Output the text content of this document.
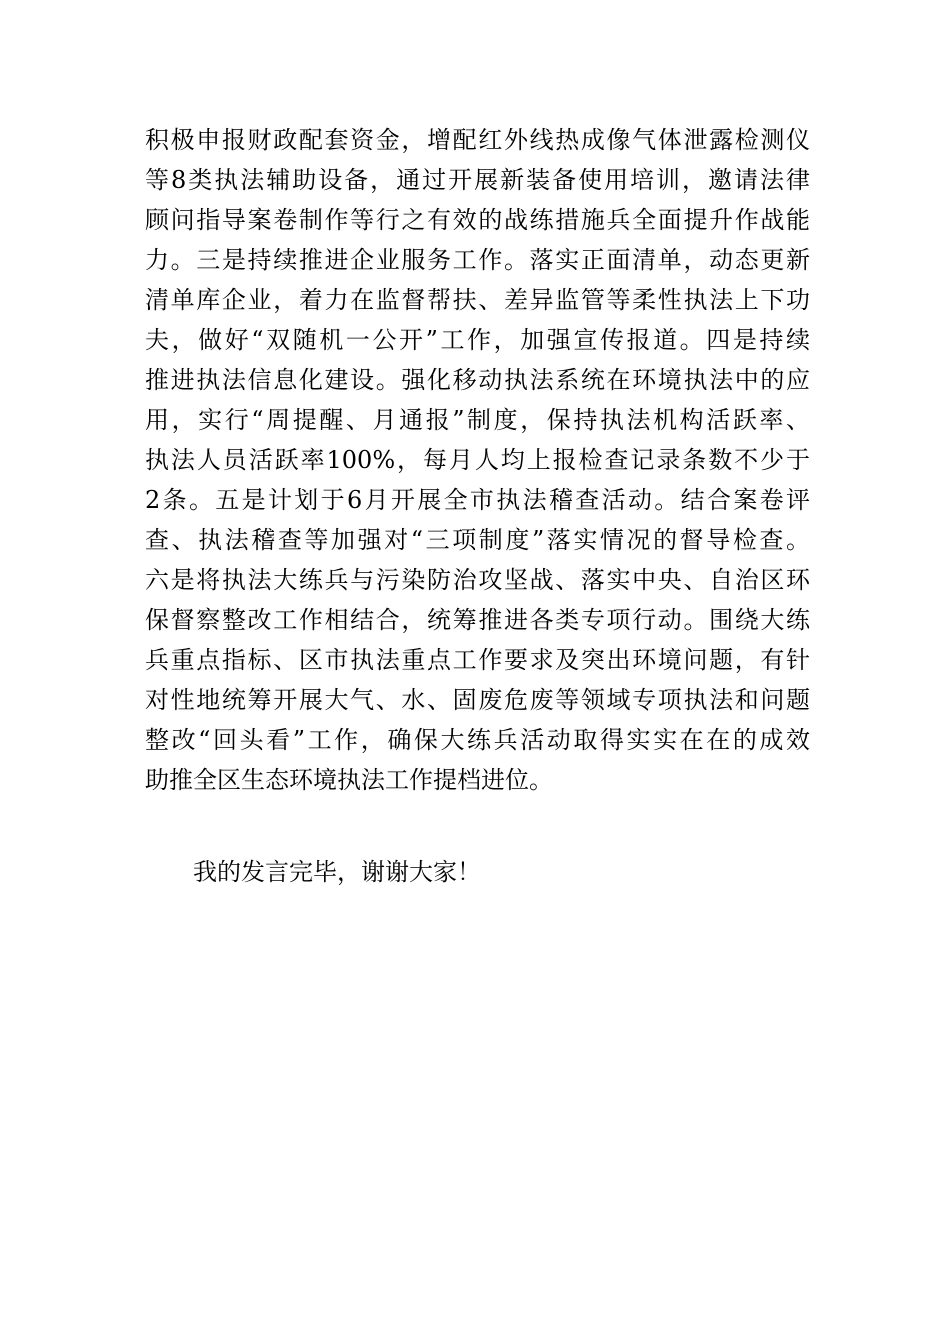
积极申报财政配套资金，增配红外线热成像气体泄露检测仪
等8类执法辅助设备，通过开展新装备使用培训，邀请法律
顾问指导案卷制作等行之有效的战练措施兵全面提升作战能
力。三是持续推进企业服务工作。落实正面清单，动态更新
清单库企业，着力在监督帮扶、差异监管等柔性执法上下功
夫，做好“双随机一公开”工作，加强宣传报道。四是持续
推进执法信息化建设。强化移动执法系统在环境执法中的应
用，实行“周提醒、月通报”制度，保持执法机构活跃率、
执法人员活跃率100%，每月人均上报检查记录条数不少于
2条。五是计划于6月开展全市执法稽查活动。结合案卷评
查、执法稽查等加强对“三项制度”落实情况的督导检查。
六是将执法大练兵与污染防治攻坚战、落实中央、自治区环
保督察整改工作相结合，统筹推进各类专项行动。围绕大练
兵重点指标、区市执法重点工作要求及突出环境问题，有针
对性地统筹开展大气、水、固废危废等领域专项执法和问题
整改“回头看”工作，确保大练兵活动取得实实在在的成效
助推全区生态环境执法工作提档进位。
我的发言完毕，谢谢大家！
